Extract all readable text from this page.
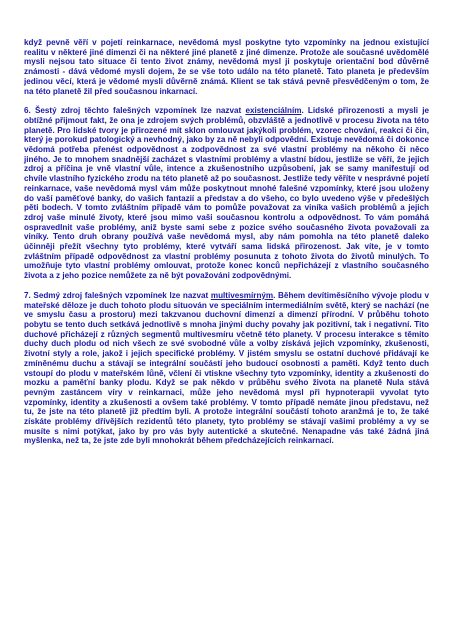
když pevně věří v pojetí reinkarnace, nevědomá mysl poskytne tyto vzpomínky na jednou existující realitu v některé jiné dimenzi či na některé jiné planetě z jiné dimenze. Protože ale současné uvědomělé mysli nejsou tato situace či tento život známy, nevědomá mysl ji poskytuje orientační bod důvěrně známosti - dává vědomé mysli dojem, že se vše toto událo na této planetě. Tato planeta je především jedinou věcí, která je vědomé mysli důvěrně známá. Klient se tak stává pevně přesvědčeným o tom, že na této planetě žil před současnou inkarnací.

6. Šestý zdroj těchto falešných vzpomínek lze nazvat existenciálním. Lidské přirozenosti a mysli je obtížné přijmout fakt, že ona je zdrojem svých problémů, obzvláště a jednotlivě v procesu života na této planetě. Pro lidské tvory je přirozené mít sklon omlouvat jakýkoli problém, vzorec chování, reakci či čin, který je porokud patologický a nevhodný, jako by za ně nebyli odpovědní. Existuje nevědomá či dokonce vědomá potřeba přenést odpovědnost a zodpovědnost za své vlastní problémy na někoho či něco jiného. Je to mnohem snadnější zacházet s vlastními problémy a vlastní bídou, jestliže se věří, že jejich zdroj a příčina je vně vlastní vůle, intence a zkušenostního uzpůsobení, jak se samy manifestují od chvíle vlastního fyzického zrodu na této planetě až po současnost. Jestliže tedy věříte v nesprávné pojetí reinkarnace, vaše nevědomá mysl vám může poskytnout mnohé falešné vzpomínky, které jsou uloženy do vaší paměťové banky, do vašich fantazií a představ a do všeho, co bylo uvedeno výše v předešlých pěti bodech. V tomto zvláštním případě vám to pomůže považovat za viníka vašich problémů a jejich zdroj vaše minulé životy, které jsou mimo vaši současnou kontrolu a odpovědnost. To vám pomáhá ospravedlnit vaše problémy, aniž byste sami sebe z pozice svého současného života považovali za viníky. Tento druh obrany používá vaše nevědomá mysl, aby nám pomohla na této planetě daleko účinněji přežít všechny tyto problémy, které vytváří sama lidská přirozenost. Jak víte, je v tomto zvláštním případě odpovědnost za vlastní problémy posunuta z tohoto života do životů minulých. To umožňuje tyto vlastní problémy omlouvat, protože konec konců nepřicházejí z vlastního současného života a z jeho pozice nemůžete za ně být považováni zodpovědnými.

7. Sedmý zdroj falešných vzpomínek lze nazvat multivesmírným. Během devítiměsíčního vývoje plodu v mateřské děloze je duch tohoto plodu situován ve speciálním intermediálním světě, který se nachází (ne ve smyslu času a prostoru) mezi takzvanou duchovní dimenzí a dimenzí přírodní. V průběhu tohoto pobytu se tento duch setkává jednotlivě s mnoha jinými duchy povahy jak pozitivní, tak i negativní. Tito duchové přicházejí z různých segmentů multivesmíru včetně této planety. V procesu interakce s těmito duchy duch plodu od nich všech ze své svobodné vůle a volby získává jejich vzpomínky, zkušenosti, životní styly a role, jakož i jejich specifické problémy. V jistém smyslu se ostatní duchové přidávají ke zmíněnému duchu a stávají se integrální součástí jeho budoucí osobnosti a paměti. Když tento duch vstoupí do plodu v mateřském lůně, včlení či vtiskne všechny tyto vzpomínky, identity a zkušenosti do mozku a paměťní banky plodu. Když se pak někdo v průběhu svého života na planetě Nula stává pevným zastáncem víry v reinkarnaci, může jeho nevědomá mysl při hypnoterapii vyvolat tyto vzpomínky, identity a zkušenosti a ovšem také problémy. V tomto případě nemáte jinou představu, než tu, že jste na této planetě již předtím byli. A protože integrální součástí tohoto aranžmá je to, že také získáte problémy dřívějších rezidentů této planety, tyto problémy se stávají vašimi problémy a vy se musíte s nimi potýkat, jako by pro vás byly autentické a skutečné. Nenapadne vás také žádná jiná myšlenka, než ta, že jste zde byli mnohokrát během předcházejících reinkarnací.
